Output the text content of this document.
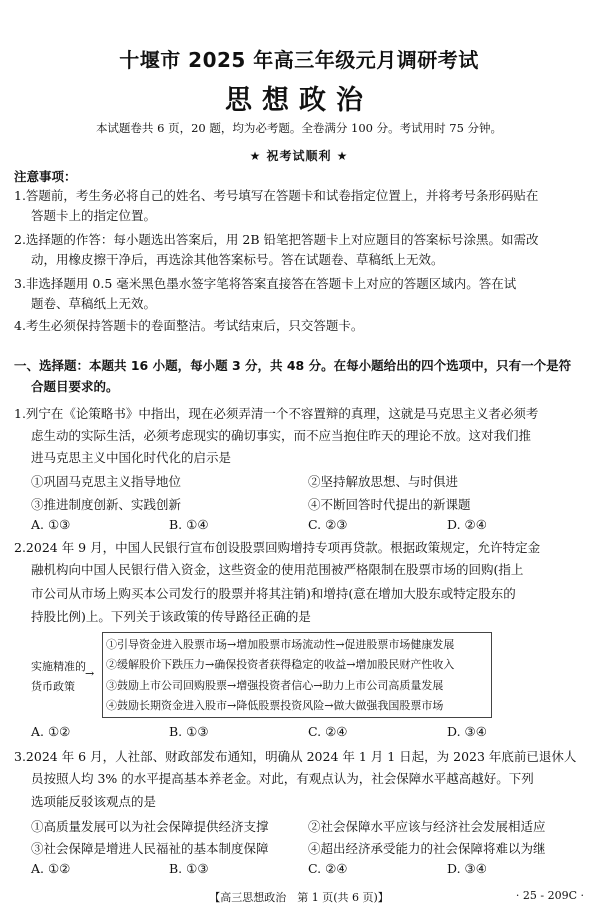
十堰市 2025 年高三年级元月调研考试
思想政治
本试题卷共 6 页，20 题，均为必考题。全卷满分 100 分。考试用时 75 分钟。
★ 祝考试顺利 ★
注意事项：
1.答题前，考生务必将自己的姓名、考号填写在答题卡和试卷指定位置上，并将考号条形码贴在
答题卡上的指定位置。
2.选择题的作答：每小题选出答案后，用 2B 铅笔把答题卡上对应题目的答案标号涂黑。如需改
动，用橡皮擦干净后，再选涂其他答案标号。答在试题卷、草稿纸上无效。
3.非选择题用 0.5 毫米黑色墨水签字笔将答案直接答在答题卡上对应的答题区域内。答在试
题卷、草稿纸上无效。
4.考生必须保持答题卡的卷面整洁。考试结束后，只交答题卡。
一、选择题：本题共 16 小题，每小题 3 分，共 48 分。在每小题给出的四个选项中，只有一个是符
合题目要求的。
1.列宁在《论策略书》中指出，现在必须弄清一个不容置辩的真理，这就是马克思主义者必须考
虑生动的实际生活，必须考虑现实的确切事实，而不应当抱住昨天的理论不放。这对我们推
进马克思主义中国化时代化的启示是
①巩固马克思主义指导地位	②坚持解放思想、与时俱进
③推进制度创新、实践创新	④不断回答时代提出的新课题
A. ①③	B. ①④	C. ②③	D. ②④
2.2024 年 9 月，中国人民银行宣布创设股票回购增持专项再贷款。根据政策规定，允许特定金
融机构向中国人民银行借入资金，这些资金的使用范围被严格限制在股票市场的回购(指上
市公司从市场上购买本公司发行的股票并将其注销)和增持(意在增加大股东或特定股东的
持股比例)上。下列关于该政策的传导路径正确的是
实施精准的
货币政策
→
①引导资金进入股票市场→增加股票市场流动性→促进股票市场健康发展
②缓解股价下跌压力→确保投资者获得稳定的收益→增加股民财产性收入
③鼓励上市公司回购股票→增强投资者信心→助力上市公司高质量发展
④鼓励长期资金进入股市→降低股票投资风险→做大做强我国股票市场
A. ①②	B. ①③	C. ②④	D. ③④
3.2024 年 6 月，人社部、财政部发布通知，明确从 2024 年 1 月 1 日起，为 2023 年底前已退休人
员按照人均 3% 的水平提高基本养老金。对此，有观点认为，社会保障水平越高越好。下列
选项能反驳该观点的是
①高质量发展可以为社会保障提供经济支撑	②社会保障水平应该与经济社会发展相适应
③社会保障是增进人民福祉的基本制度保障	④超出经济承受能力的社会保障将难以为继
A. ①②	B. ①③	C. ②④	D. ③④
【高三思想政治　第 1 页(共 6 页)】	· 25 - 209C ·
